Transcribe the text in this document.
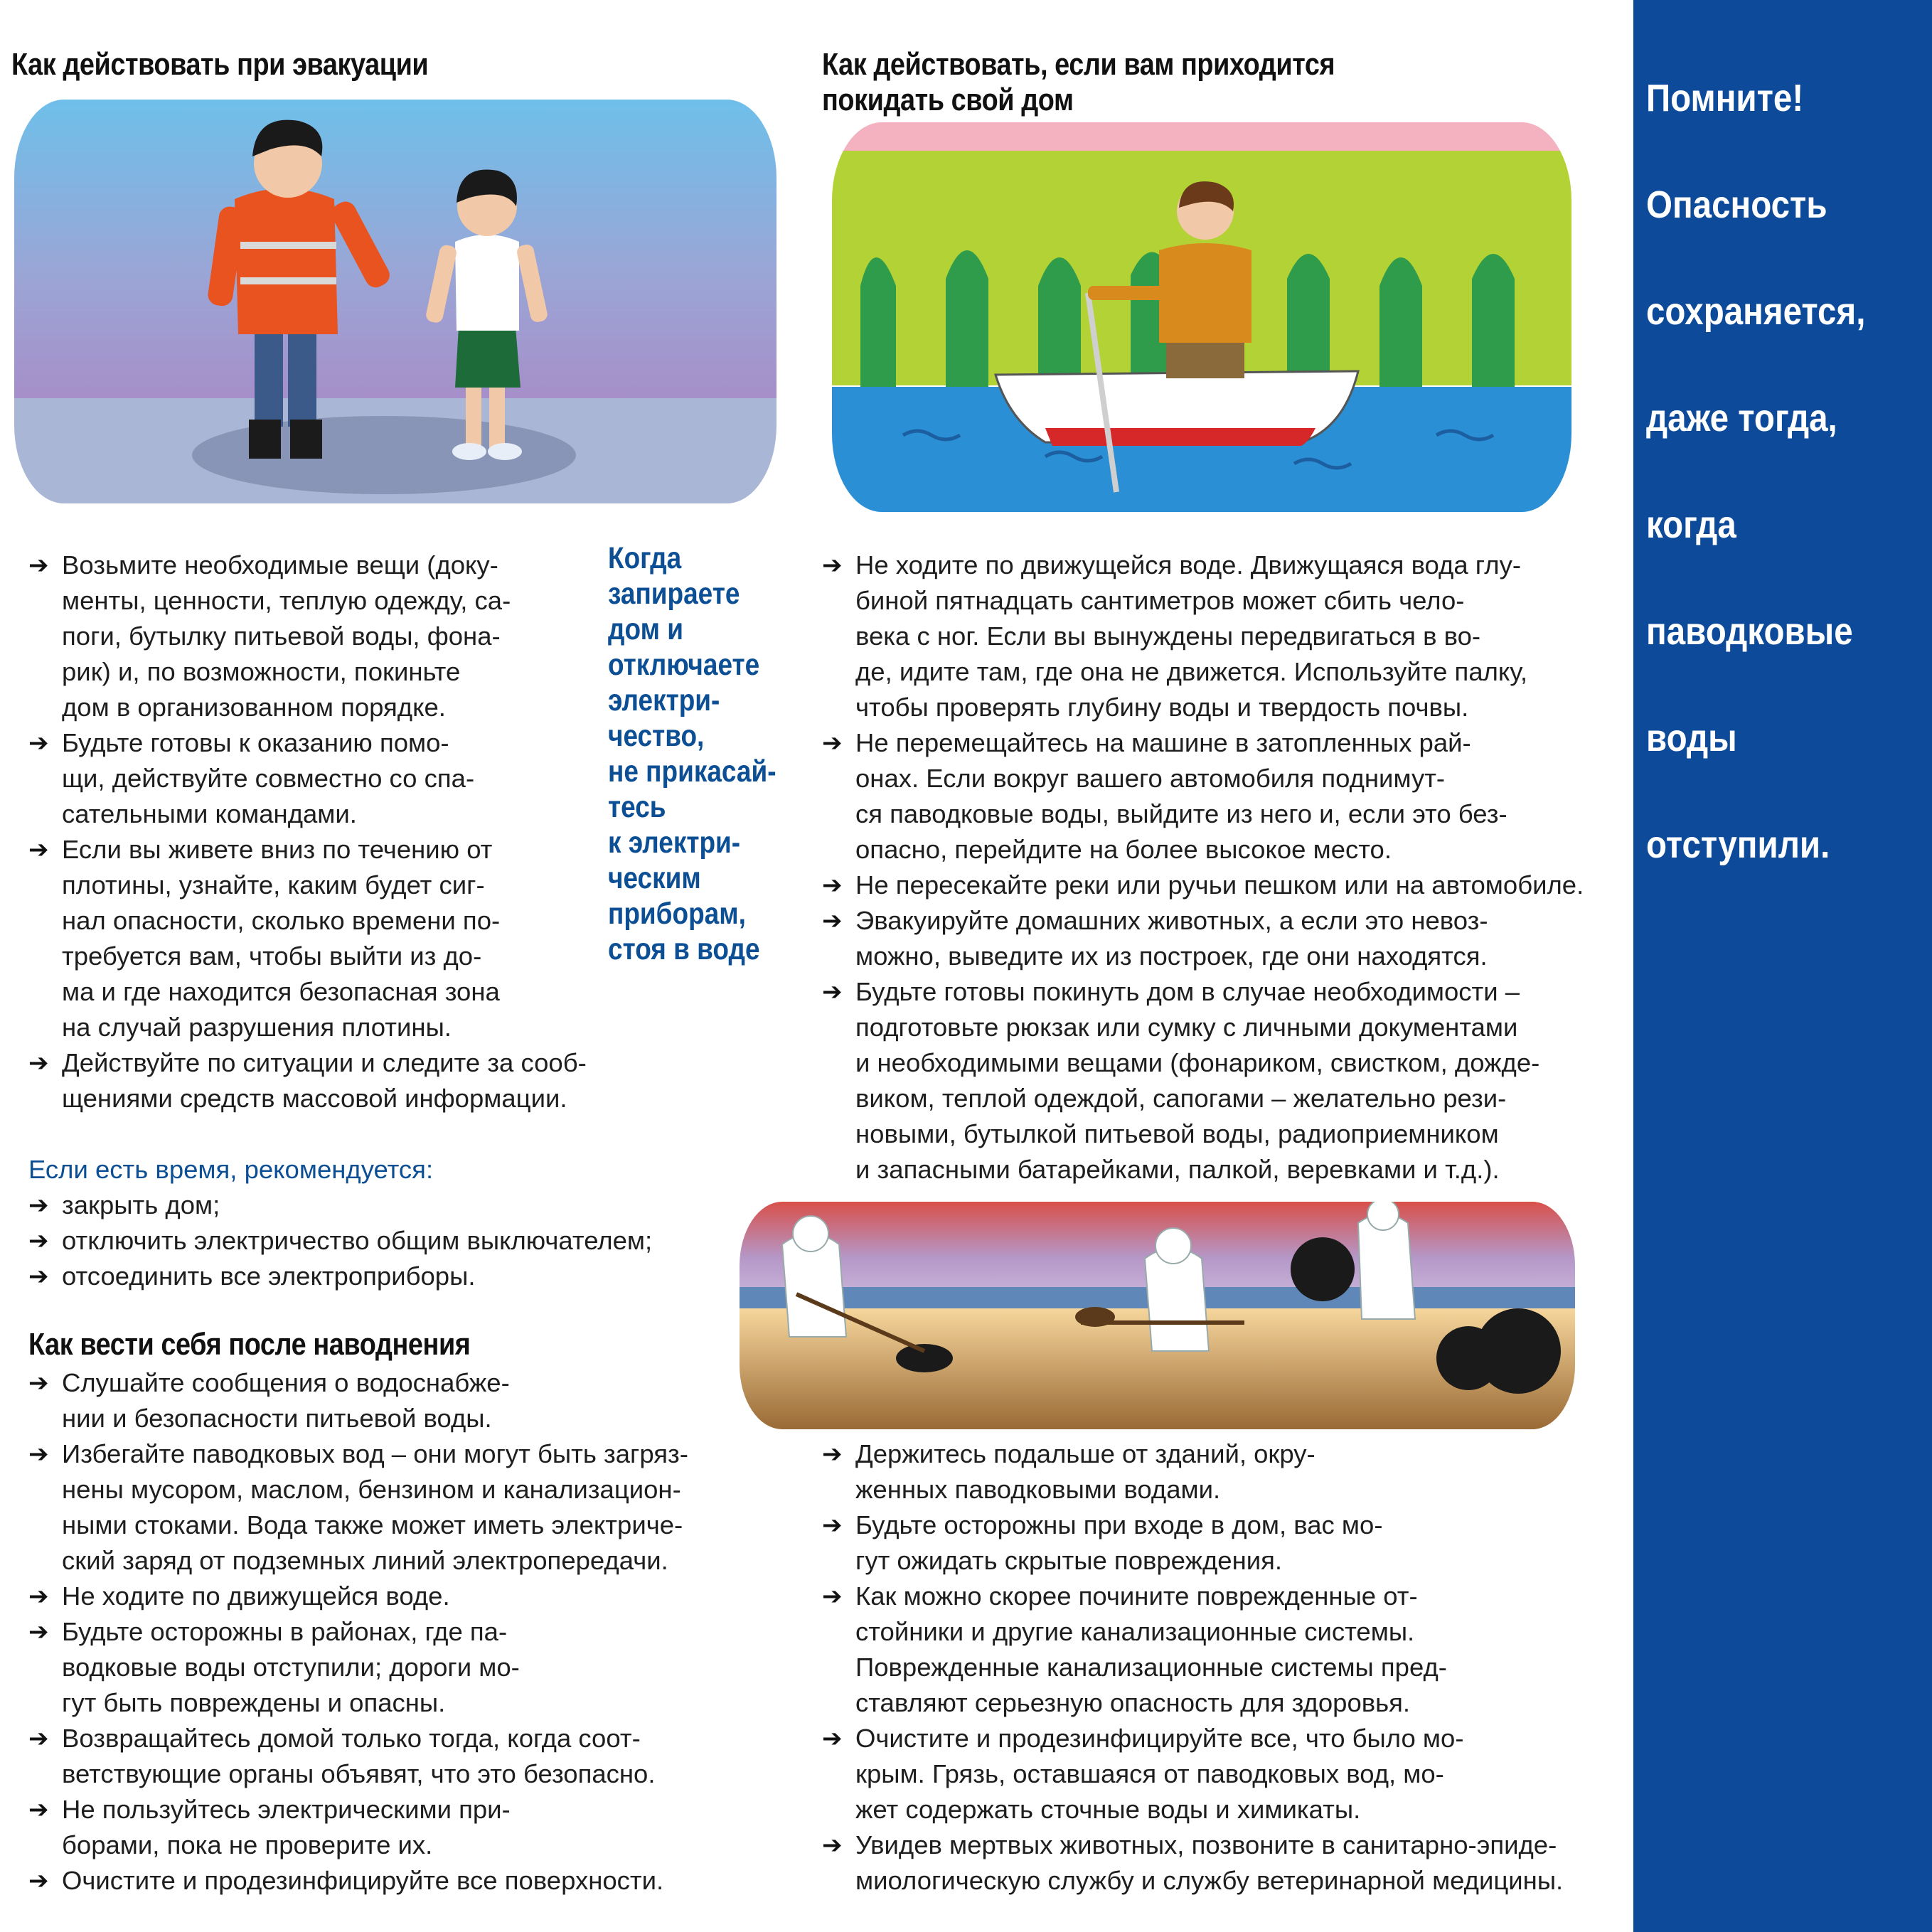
Как действовать при эвакуации
➔ Возьмите необходимые вещи (доку-
менты, ценности, теплую одежду, са-
поги, бутылку питьевой воды, фона-
рик) и, по возможности, покиньте
дом в организованном порядке.
➔ Будьте готовы к оказанию помо-
щи, действуйте совместно со спа-
сательными командами.
➔ Если вы живете вниз по течению от
плотины, узнайте, каким будет сиг-
нал опасности, сколько времени по-
требуется вам, чтобы выйти из до-
ма и где находится безопасная зона
на случай разрушения плотины.
➔ Действуйте по ситуации и следите за сооб-
щениями средств массовой информации.

Если есть время, рекомендуется:

➔ закрыть дом;
➔ отключить электричество общим выключателем;
➔ отсоединить все электроприборы.

Когда
запираете
дом и
отключаете
электри-
чество,
не прикасай-
тесь
к электри-
ческим
приборам,
стоя в воде

Как действовать, если вам приходится
покидать свой дом
➔ Не ходите по движущейся воде. Движущаяся вода глу-
биной пятнадцать сантиметров может сбить чело-
века с ног. Если вы вынуждены передвигаться в во-
де, идите там, где она не движется. Используйте палку,
чтобы проверять глубину воды и твердость почвы.
➔ Не перемещайтесь на машине в затопленных рай-
онах. Если вокруг вашего автомобиля поднимут-
ся паводковые воды, выйдите из него и, если это без-
опасно, перейдите на более высокое место.
➔ Не пересекайте реки или ручьи пешком или на автомобиле.
➔ Эвакуируйте домашних животных, а если это невоз-
можно, выведите их из построек, где они находятся.
➔ Будьте готовы покинуть дом в случае необходимости –
подготовьте рюкзак или сумку с личными документами
и необходимыми вещами (фонариком, свистком, дожде-
виком, теплой одеждой, сапогами – желательно рези-
новыми, бутылкой питьевой воды, радиоприемником
и запасными батарейками, палкой, веревками и т.д.).
Как вести себя после наводнения
➔ Слушайте сообщения о водоснабже-
нии и безопасности питьевой воды.
➔ Избегайте паводковых вод – они могут быть загряз-
нены мусором, маслом, бензином и канализацион-
ными стоками. Вода также может иметь электриче-
ский заряд от подземных линий электропередачи.
➔ Не ходите по движущейся воде.
➔ Будьте осторожны в районах, где па-
водковые воды отступили; дороги мо-
гут быть повреждены и опасны.
➔ Возвращайтесь домой только тогда, когда соот-
ветствующие органы объявят, что это безопасно.
➔ Не пользуйтесь электрическими при-
борами, пока не проверите их.
➔ Очистите и продезинфицируйте все поверхности.
➔ Держитесь подальше от зданий, окру-
женных паводковыми водами.
➔ Будьте осторожны при входе в дом, вас мо-
гут ожидать скрытые повреждения.
➔ Как можно скорее почините поврежденные от-
стойники и другие канализационные системы.
Поврежденные канализационные системы пред-
ставляют серьезную опасность для здоровья.
➔ Очистите и продезинфицируйте все, что было мо-
крым. Грязь, оставшаяся от паводковых вод, мо-
жет содержать сточные воды и химикаты.
➔ Увидев мертвых животных, позвоните в санитарно-эпиде-
миологическую службу и службу ветеринарной медицины.
Помните!
Опасность
сохраняется,
даже тогда,
когда
паводковые
воды
отступили.
